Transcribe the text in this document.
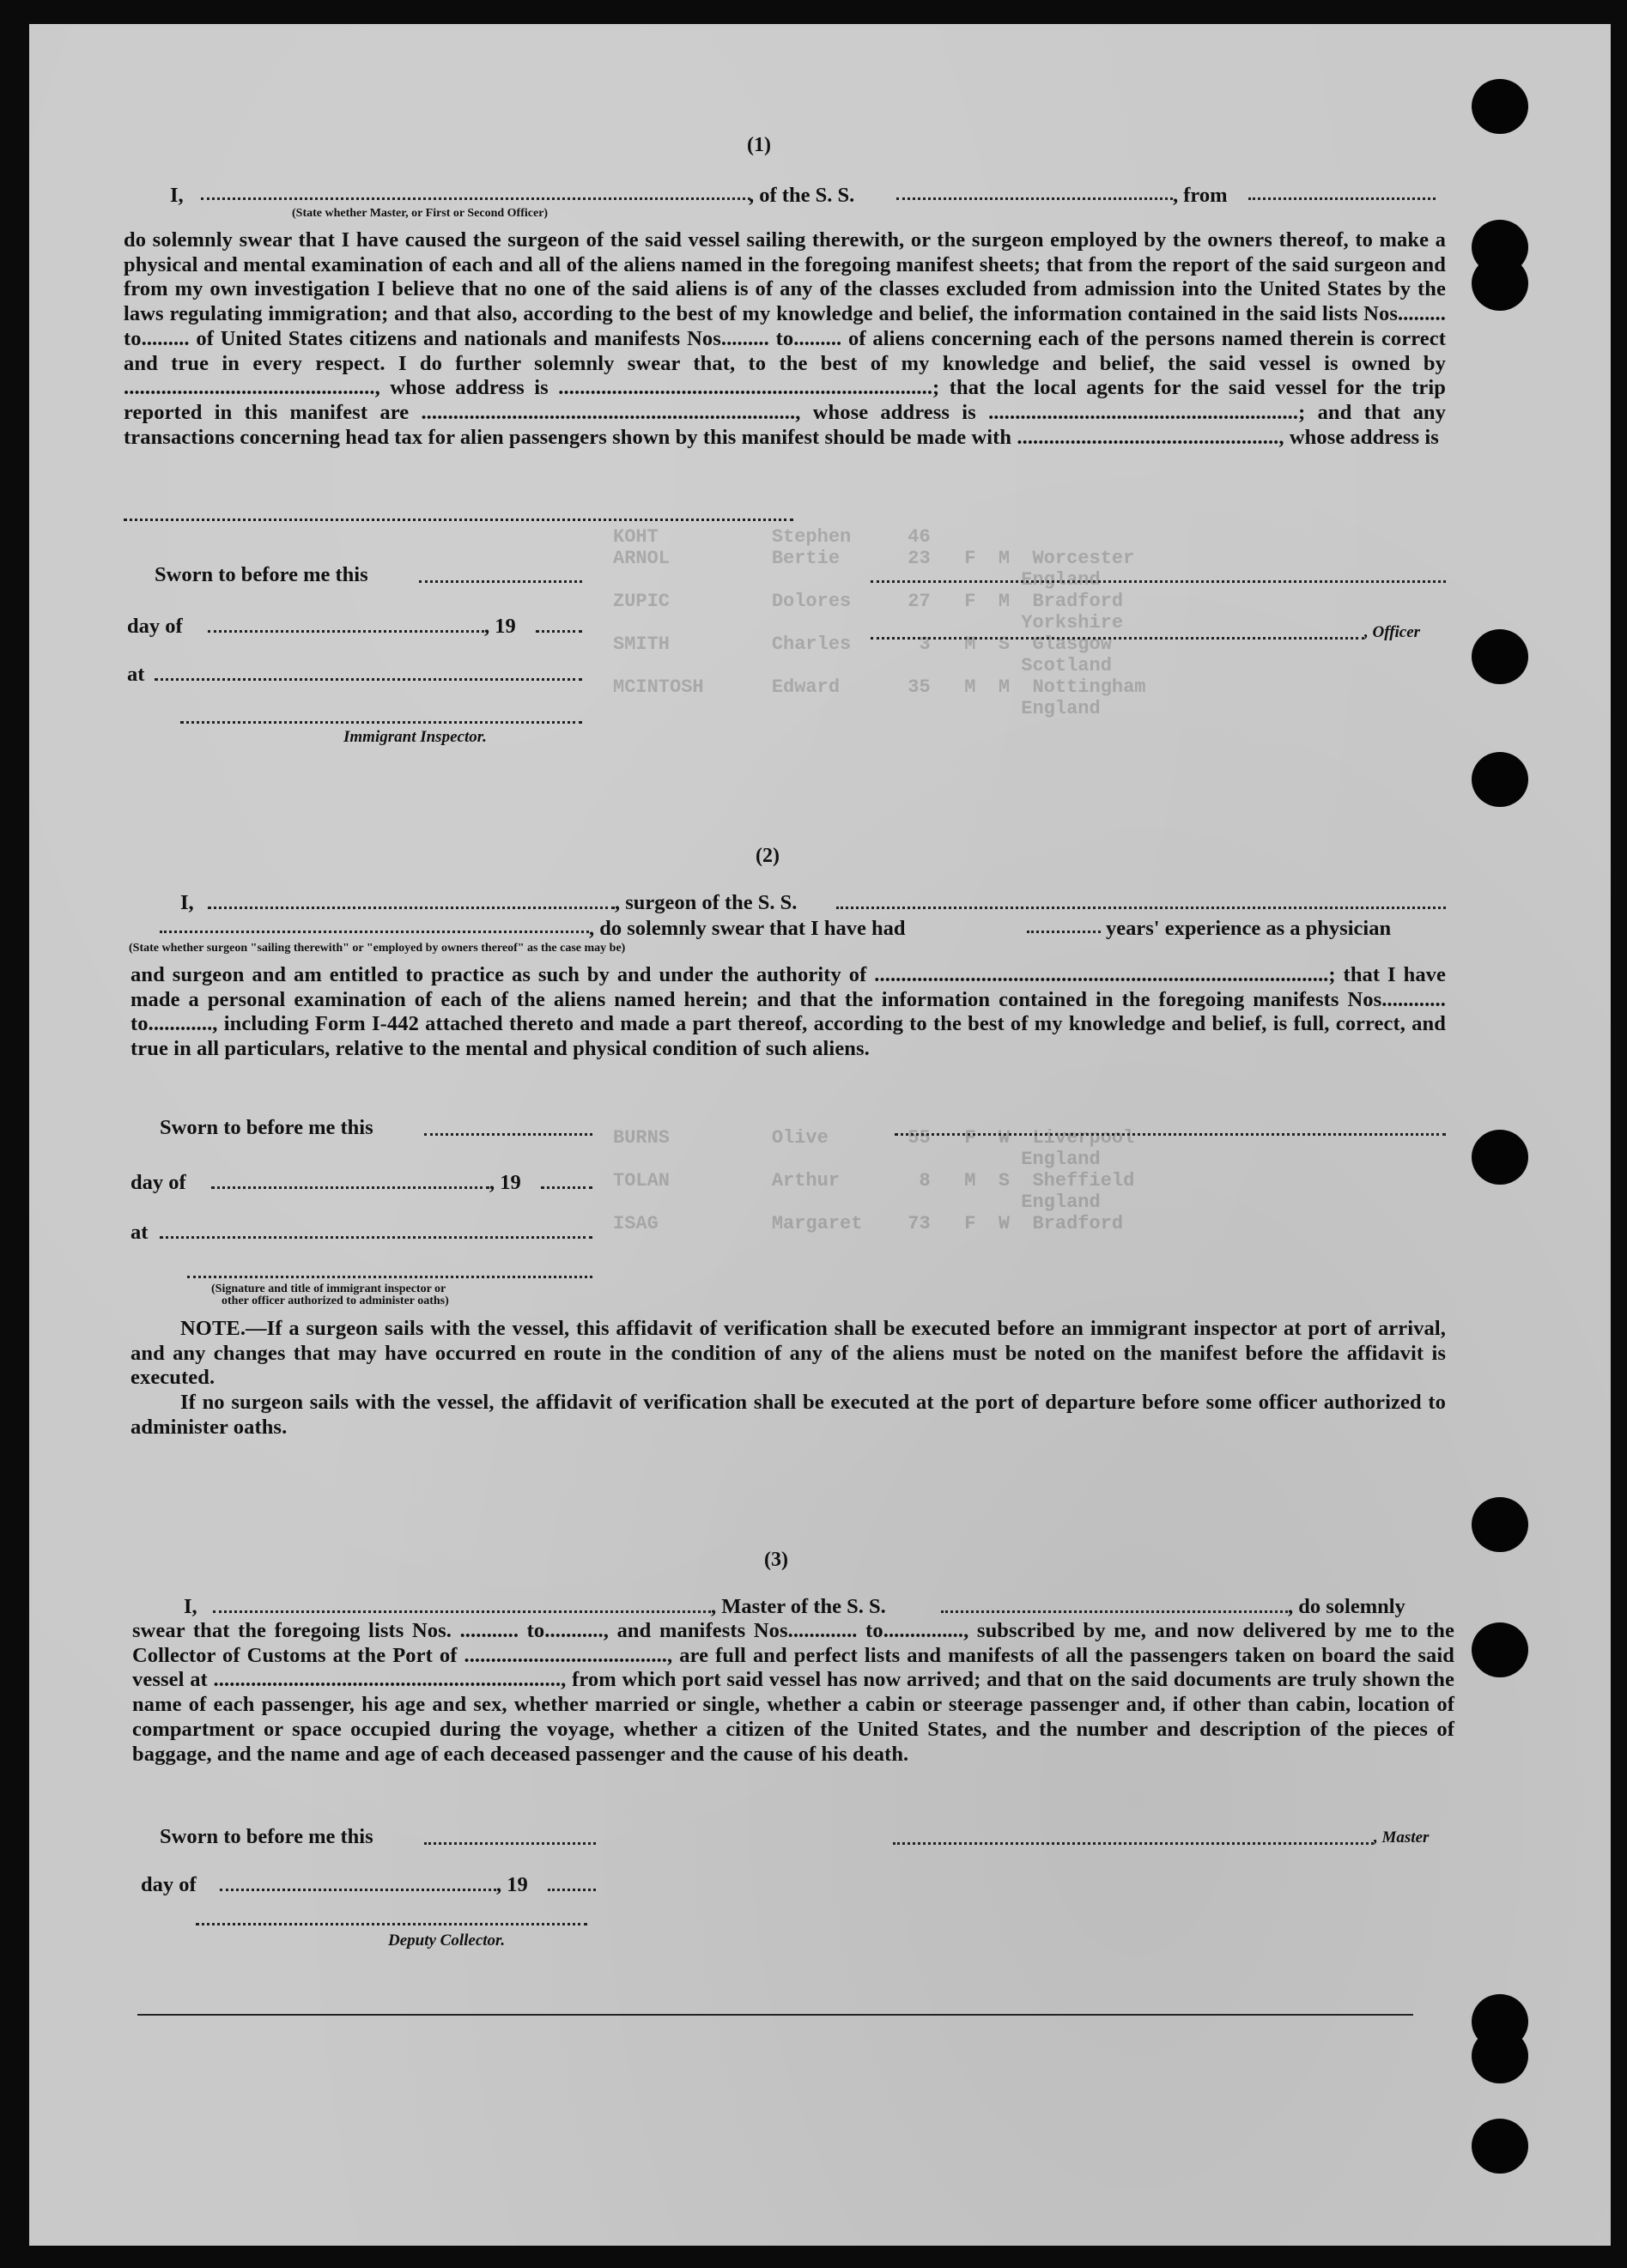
KOHT          Stephen     46
ARNOL         Bertie      23   F  M  Worcester
England
ZUPIC         Dolores     27   F  M  Bradford
Yorkshire
SMITH         Charles      3   M  S  Glasgow
Scotland
MCINTOSH      Edward      35   M  M  Nottingham
England

BURNS         Olive       55   F  W  Liverpool
England
TOLAN         Arthur       8   M  S  Sheffield
England
ISAG          Margaret    73   F  W  Bradford
(1)
I,	, of the S. S.	, from
(State whether Master, or First or Second Officer)
do solemnly swear that I have caused the surgeon of the said vessel sailing therewith, or the surgeon employed by the owners thereof, to make a physical and mental examination of each and all of the aliens named in the foregoing manifest sheets; that from the report of the said surgeon and from my own investigation I believe that no one of the said aliens is of any of the classes excluded from admission into the United States by the laws regulating immigration; and that also, according to the best of my knowledge and belief, the information contained in the said lists Nos......... to......... of United States citizens and nationals and manifests Nos......... to......... of aliens concerning each of the persons named therein is correct and true in every respect. I do further solemnly swear that, to the best of my knowledge and belief, the said vessel is owned by ..............................................., whose address is ......................................................................; that the local agents for the said vessel for the trip reported in this manifest are ......................................................................, whose address is ..........................................................; and that any transactions concerning head tax for alien passengers shown by this manifest should be made with ................................................., whose address is
Sworn to before me this
day of	, 19	, Officer
at
Immigrant Inspector.
(2)
I,	, surgeon of the S. S.
, do solemnly swear that I have had	years' experience as a physician
(State whether surgeon "sailing therewith" or "employed by owners thereof" as the case may be)
and surgeon and am entitled to practice as such by and under the authority of .....................................................................................; that I have made a personal examination of each of the aliens named herein; and that the information contained in the foregoing manifests Nos............ to............, including Form I-442 attached thereto and made a part thereof, according to the best of my knowledge and belief, is full, correct, and true in all particulars, relative to the mental and physical condition of such aliens.
Sworn to before me this
day of	, 19
at
(Signature and title of immigrant inspector or
other officer authorized to administer oaths)
NOTE.—If a surgeon sails with the vessel, this affidavit of verification shall be executed before an immigrant inspector at port of arrival, and any changes that may have occurred en route in the condition of any of the aliens must be noted on the manifest before the affidavit is executed.
If no surgeon sails with the vessel, the affidavit of verification shall be executed at the port of departure before some officer authorized to administer oaths.
(3)
I,	, Master of the S. S.	, do solemnly
swear that the foregoing lists Nos. ........... to..........., and manifests Nos............. to..............., subscribed by me, and now delivered by me to the Collector of Customs at the Port of ......................................, are full and perfect lists and manifests of all the passengers taken on board the said vessel at ................................................................., from which port said vessel has now arrived; and that on the said documents are truly shown the name of each passenger, his age and sex, whether married or single, whether a cabin or steerage passenger and, if other than cabin, location of compartment or space occupied during the voyage, whether a citizen of the United States, and the number and description of the pieces of baggage, and the name and age of each deceased passenger and the cause of his death.
Sworn to before me this	, Master
day of	, 19
Deputy Collector.
